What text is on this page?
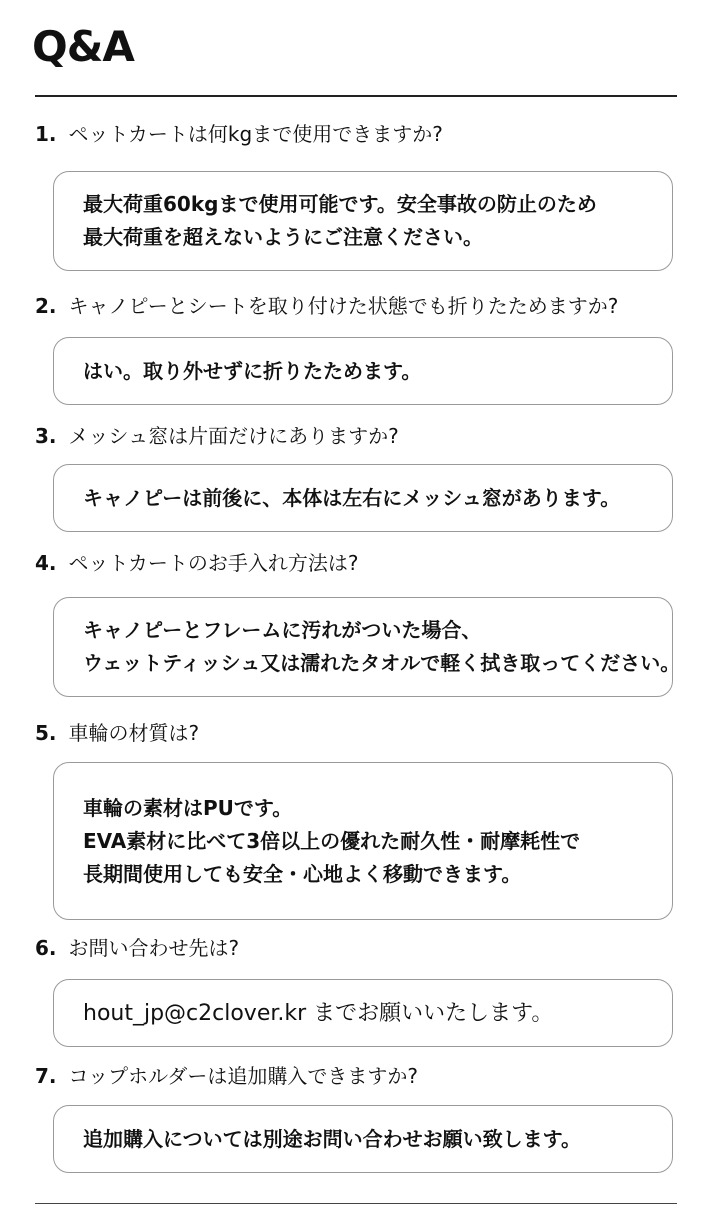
Q&A
1. ペットカートは何kgまで使用できますか?
最大荷重60kgまで使用可能です。安全事故の防止のため
最大荷重を超えないようにご注意ください。
2. キャノピーとシートを取り付けた状態でも折りたためますか?
はい。取り外せずに折りたためます。
3. メッシュ窓は片面だけにありますか?
キャノピーは前後に、本体は左右にメッシュ窓があります。
4. ペットカートのお手入れ方法は?
キャノピーとフレームに汚れがついた場合、
ウェットティッシュ又は濡れたタオルで軽く拭き取ってください。
5. 車輪の材質は?
車輪の素材はPUです。
EVA素材に比べて3倍以上の優れた耐久性・耐摩耗性で
長期間使用しても安全・心地よく移動できます。
6. お問い合わせ先は?
hout_jp@c2clover.kr までお願いいたします。
7. コップホルダーは追加購入できますか?
追加購入については別途お問い合わせお願い致します。
